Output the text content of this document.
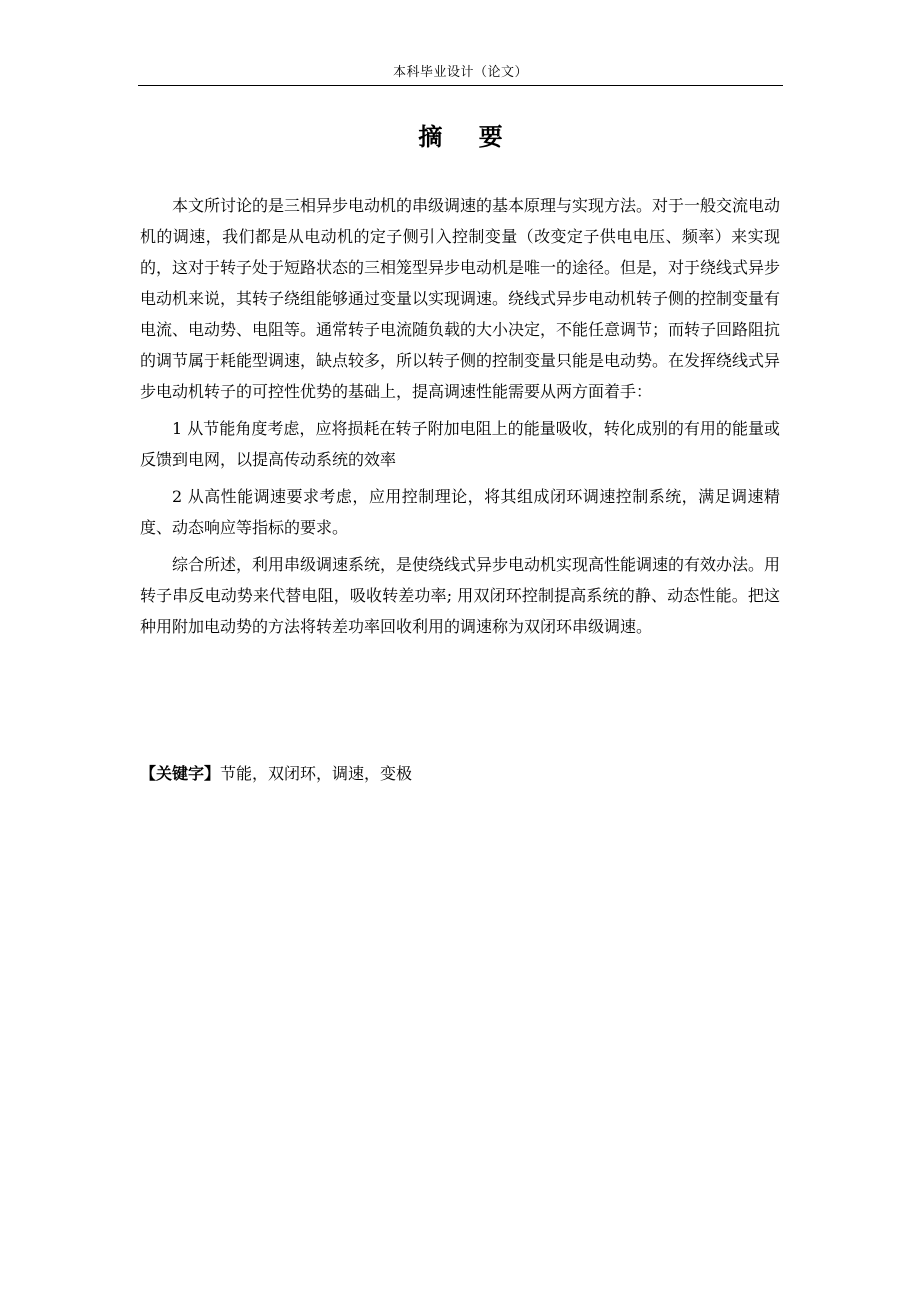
本科毕业设计（论文）
摘 要

本文所讨论的是三相异步电动机的串级调速的基本原理与实现方法。对于一般交流电动机的调速，我们都是从电动机的定子侧引入控制变量（改变定子供电电压、频率）来实现的，这对于转子处于短路状态的三相笼型异步电动机是唯一的途径。但是，对于绕线式异步电动机来说，其转子绕组能够通过变量以实现调速。绕线式异步电动机转子侧的控制变量有电流、电动势、电阻等。通常转子电流随负载的大小决定，不能任意调节；而转子回路阻抗的调节属于耗能型调速，缺点较多，所以转子侧的控制变量只能是电动势。在发挥绕线式异步电动机转子的可控性优势的基础上，提高调速性能需要从两方面着手：

1 从节能角度考虑，应将损耗在转子附加电阻上的能量吸收，转化成别的有用的能量或反馈到电网，以提高传动系统的效率

2 从高性能调速要求考虑，应用控制理论，将其组成闭环调速控制系统，满足调速精度、动态响应等指标的要求。

综合所述，利用串级调速系统，是使绕线式异步电动机实现高性能调速的有效办法。用转子串反电动势来代替电阻，吸收转差功率; 用双闭环控制提高系统的静、动态性能。把这种用附加电动势的方法将转差功率回收利用的调速称为双闭环串级调速。

【关键字】节能，双闭环，调速，变极
